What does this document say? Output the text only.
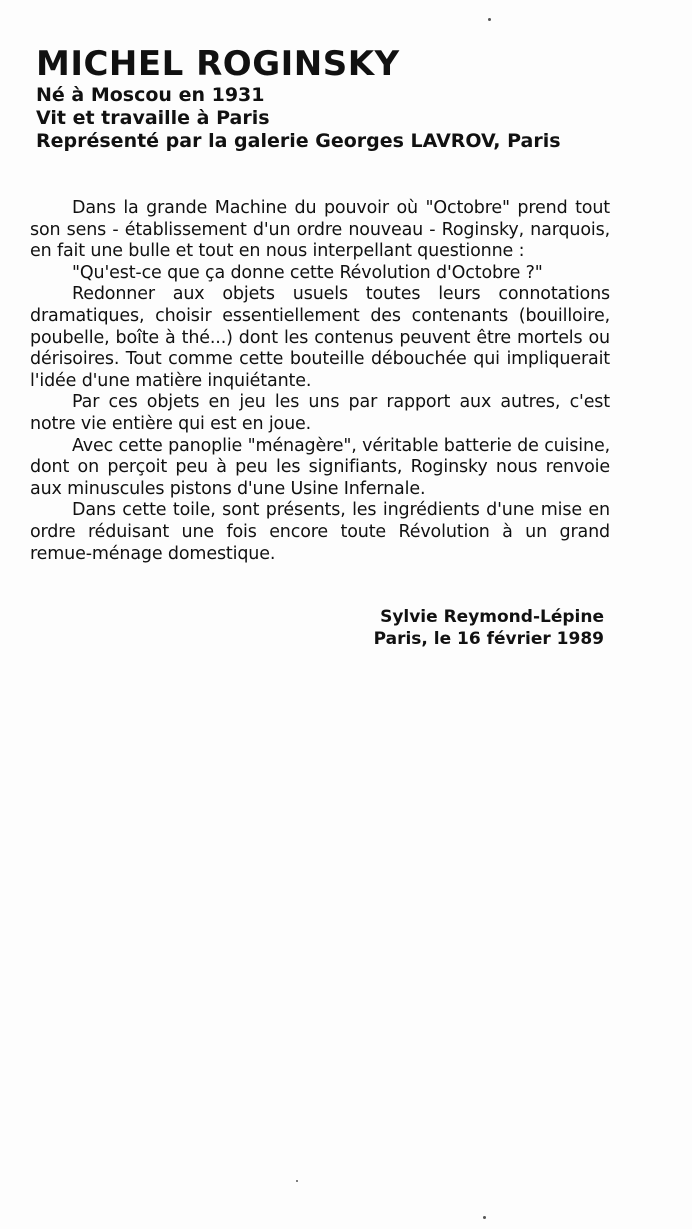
MICHEL ROGINSKY

Né à Moscou en 1931

Vit et travaille à Paris

Représenté par la galerie Georges LAVROV, Paris

Dans la grande Machine du pouvoir où "Octobre" prend tout son sens - établissement d'un ordre nouveau - Roginsky, narquois, en fait une bulle et tout en nous interpellant questionne :

"Qu'est-ce que ça donne cette Révolution d'Octobre ?"

Redonner aux objets usuels toutes leurs connotations dramatiques, choisir essentiellement des contenants (bouilloire, poubelle, boîte à thé...) dont les contenus peuvent être mortels ou dérisoires. Tout comme cette bouteille débouchée qui impliquerait l'idée d'une matière inquiétante.

Par ces objets en jeu les uns par rapport aux autres, c'est notre vie entière qui est en joue.

Avec cette panoplie "ménagère", véritable batterie de cuisine, dont on perçoit peu à peu les signifiants, Roginsky nous renvoie aux minuscules pistons d'une Usine Infernale.

Dans cette toile, sont présents, les ingrédients d'une mise en ordre réduisant une fois encore toute Révolution à un grand remue-ménage domestique.

Sylvie Reymond-Lépine

Paris, le 16 février 1989
